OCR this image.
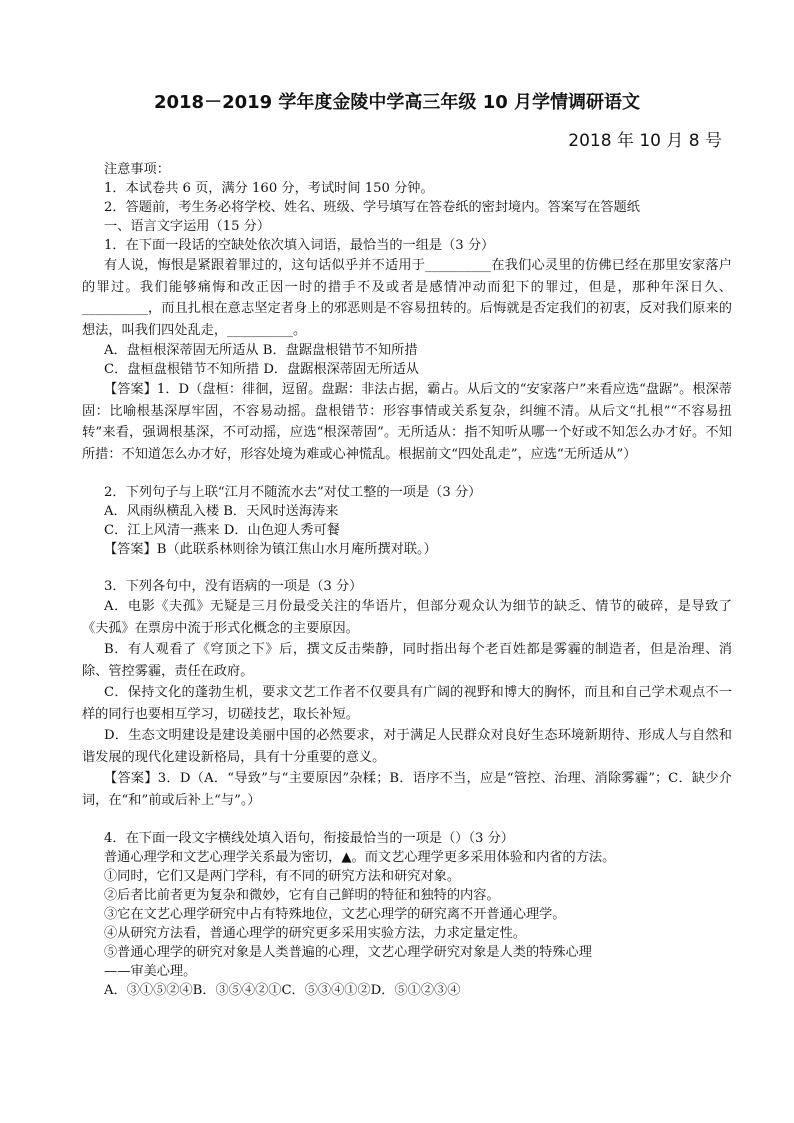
2018－2019 学年度金陵中学高三年级 10 月学情调研语文
2018 年 10 月 8 号
注意事项：
1．本试卷共 6 页，满分 160 分，考试时间 150 分钟。
2．答题前，考生务必将学校、姓名、班级、学号填写在答卷纸的密封境内。答案写在答题纸
一、语言文字运用（15 分）
1．在下面一段话的空缺处依次填入词语，最恰当的一组是（3 分）
有人说，悔恨是紧跟着罪过的，这句话似乎并不适用于__________在我们心灵里的仿佛已经在那里安家落户的罪过。我们能够痛悔和改正因一时的措手不及或者是感情冲动而犯下的罪过，但是，那种年深日久、__________，而且扎根在意志坚定者身上的邪恶则是不容易扭转的。后悔就是否定我们的初衷，反对我们原来的想法，叫我们四处乱走，__________。
A．盘桓根深蒂固无所适从 B．盘踞盘根错节不知所措
C．盘桓盘根错节不知所措 D．盘踞根深蒂固无所适从
【答案】1．D（盘桓：徘徊，逗留。盘踞：非法占据，霸占。从后文的“安家落户”来看应选“盘踞”。根深蒂固：比喻根基深厚牢固，不容易动摇。盘根错节：形容事情或关系复杂，纠缠不清。从后文“扎根”“不容易扭转”来看，强调根基深，不可动摇，应选“根深蒂固”。无所适从：指不知听从哪一个好或不知怎么办才好。不知所措：不知道怎么办才好，形容处境为难或心神慌乱。根据前文“四处乱走”，应选“无所适从”）
2．下列句子与上联“江月不随流水去”对仗工整的一项是（3 分）
A．风雨纵横乱入楼 B．天风时送海涛来
C．江上风清一燕来 D．山色迎人秀可餐
【答案】B（此联系林则徐为镇江焦山水月庵所撰对联。）
3．下列各句中，没有语病的一项是（3 分）
A．电影《夫孤》无疑是三月份最受关注的华语片，但部分观众认为细节的缺乏、情节的破碎，是导致了《夫孤》在票房中流于形式化概念的主要原因。
B．有人观看了《穹顶之下》后，撰文反击柴静，同时指出每个老百姓都是雾霾的制造者，但是治理、消除、管控雾霾，责任在政府。
C．保持文化的蓬勃生机，要求文艺工作者不仅要具有广阔的视野和博大的胸怀，而且和自己学术观点不一样的同行也要相互学习，切磋技艺，取长补短。
D．生态文明建设是建设美丽中国的必然要求，对于满足人民群众对良好生态环境新期待、形成人与自然和谐发展的现代化建设新格局，具有十分重要的意义。
【答案】3．D（A．“导致”与“主要原因”杂糅；B．语序不当，应是“管控、治理、消除雾霾”；C．缺少介词，在“和”前或后补上“与”。）
4．在下面一段文字横线处填入语句，衔接最恰当的一项是（）（3 分）
普通心理学和文艺心理学关系最为密切，▲。而文艺心理学更多采用体验和内省的方法。
①同时，它们又是两门学科，有不同的研究方法和研究对象。
②后者比前者更为复杂和微妙，它有自己鲜明的特征和独特的内容。
③它在文艺心理学研究中占有特殊地位，文艺心理学的研究离不开普通心理学。
④从研究方法看，普通心理学的研究更多采用实验方法，力求定量定性。
⑤普通心理学的研究对象是人类普遍的心理，文艺心理学研究对象是人类的特殊心理
——审美心理。
A．③①⑤②④B．③⑤④②①C．⑤③④①②D．⑤①②③④
